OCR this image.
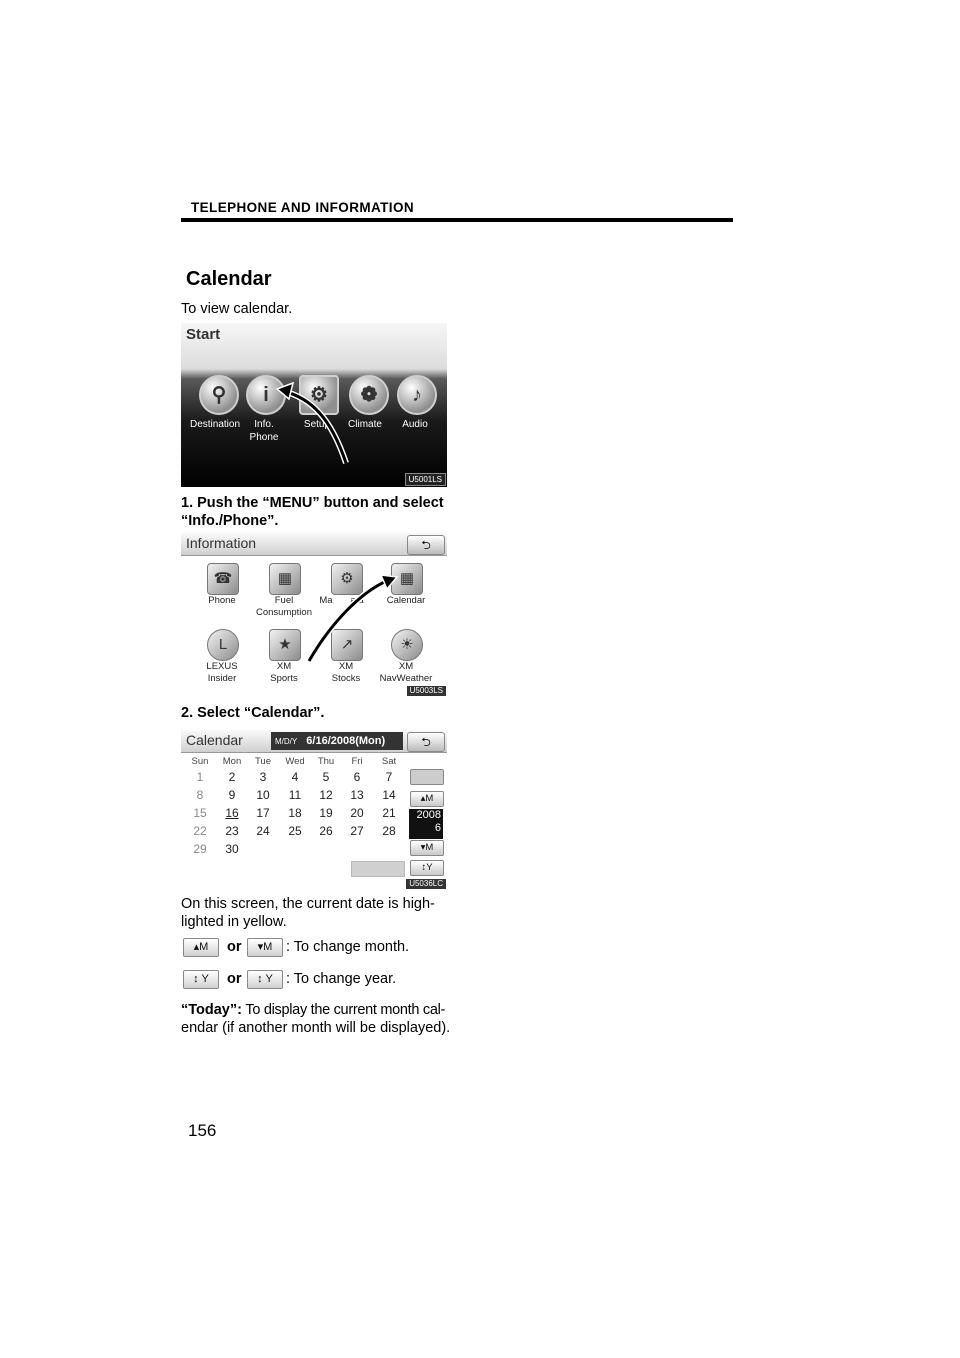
TELEPHONE AND INFORMATION
Calendar
To view calendar.
Start
⚲
Destination
i
Info.
Phone
⚙
Setup
❁
Climate
♪
Audio
U5001LS
1. Push the “MENU” button and select
“Info./Phone”.
Information	⮌
☎
Phone
▦
Fuel
Consumption
⚙
Ma	ata
▦
Calendar
L
LEXUS
Insider
★
XM
Sports
↗
XM
Stocks
☀
XM
NavWeather
U5003LS
2. Select “Calendar”.
Calendar	M/D/Y 6/16/2008(Mon)	⮌
Sun	Mon	Tue	Wed	Thu	Fri	Sat
1	2	3	4	5	6	7
8	9	10	11	12	13	14
15	16	17	18	19	20	21
22	23	24	25	26	27	28
29	30
▴M
2008
6
▾M
↕Y
U5036LC
On this screen, the current date is high-
lighted in yellow.
▴M	or	▾M : To change month.
↕ Y	or	↕ Y : To change year.
“Today”: To display the current month cal-
endar (if another month will be displayed).
156
